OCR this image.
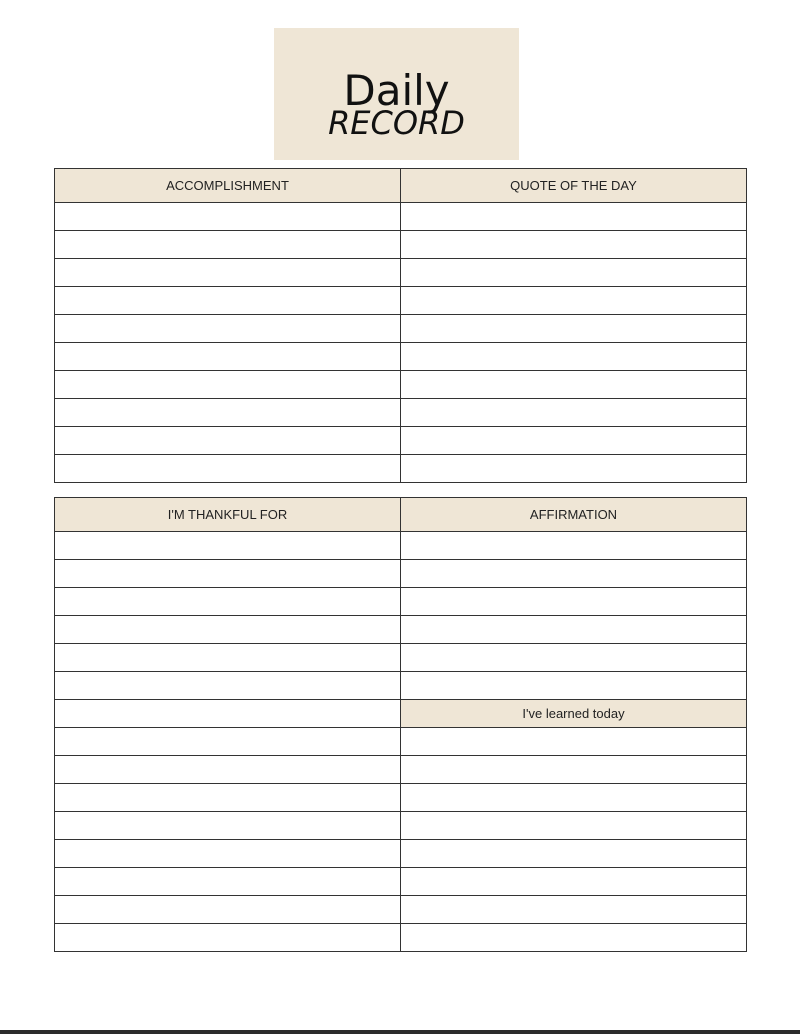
Daily
RECORD
ACCOMPLISHMENT	QUOTE OF THE DAY

I'M THANKFUL FOR	AFFIRMATION

	I've learned today
